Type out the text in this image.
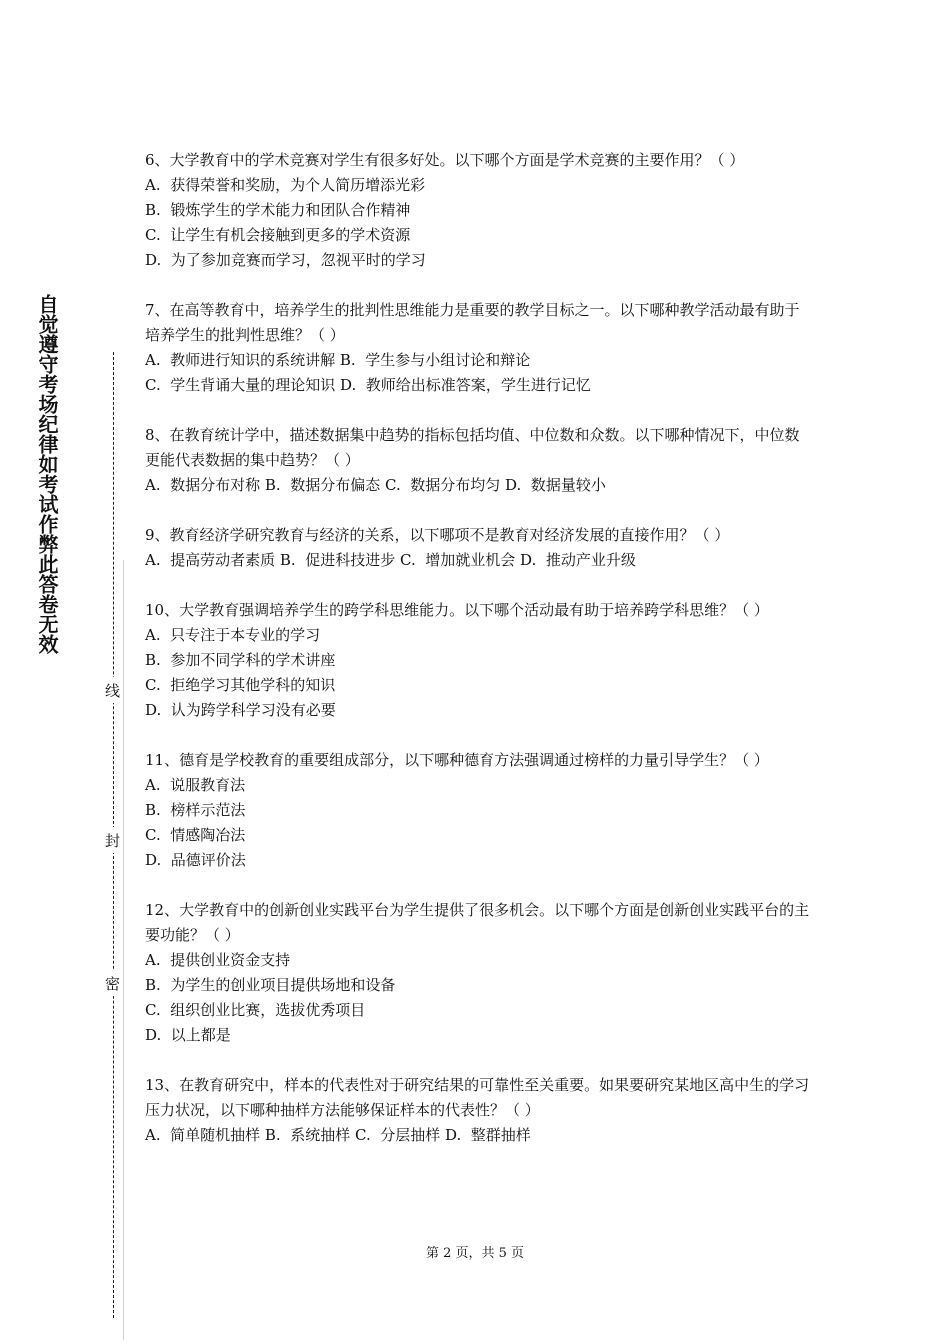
自觉遵守考场纪律如考试作弊此答卷无效
线
封
密

6、大学教育中的学术竞赛对学生有很多好处。以下哪个方面是学术竞赛的主要作用？（ ）

A.  获得荣誉和奖励，为个人简历增添光彩

B.  锻炼学生的学术能力和团队合作精神

C.  让学生有机会接触到更多的学术资源

D.  为了参加竞赛而学习，忽视平时的学习

7、在高等教育中，培养学生的批判性思维能力是重要的教学目标之一。以下哪种教学活动最有助于培养学生的批判性思维？（ ）

A.  教师进行知识的系统讲解 B.  学生参与小组讨论和辩论

C.  学生背诵大量的理论知识 D.  教师给出标准答案，学生进行记忆

8、在教育统计学中，描述数据集中趋势的指标包括均值、中位数和众数。以下哪种情况下，中位数更能代表数据的集中趋势？（ ）

A.  数据分布对称 B.  数据分布偏态 C.  数据分布均匀 D.  数据量较小

9、教育经济学研究教育与经济的关系，以下哪项不是教育对经济发展的直接作用？（ ）

A.  提高劳动者素质 B.  促进科技进步 C.  增加就业机会 D.  推动产业升级

10、大学教育强调培养学生的跨学科思维能力。以下哪个活动最有助于培养跨学科思维？（ ）

A.  只专注于本专业的学习

B.  参加不同学科的学术讲座

C.  拒绝学习其他学科的知识

D.  认为跨学科学习没有必要

11、德育是学校教育的重要组成部分，以下哪种德育方法强调通过榜样的力量引导学生？（ ）

A.  说服教育法

B.  榜样示范法

C.  情感陶冶法

D.  品德评价法

12、大学教育中的创新创业实践平台为学生提供了很多机会。以下哪个方面是创新创业实践平台的主要功能？（ ）

A.  提供创业资金支持

B.  为学生的创业项目提供场地和设备

C.  组织创业比赛，选拔优秀项目

D.  以上都是

13、在教育研究中，样本的代表性对于研究结果的可靠性至关重要。如果要研究某地区高中生的学习压力状况，以下哪种抽样方法能够保证样本的代表性？（ ）

A.  简单随机抽样 B.  系统抽样 C.  分层抽样 D.  整群抽样

第 2 页，共 5 页
